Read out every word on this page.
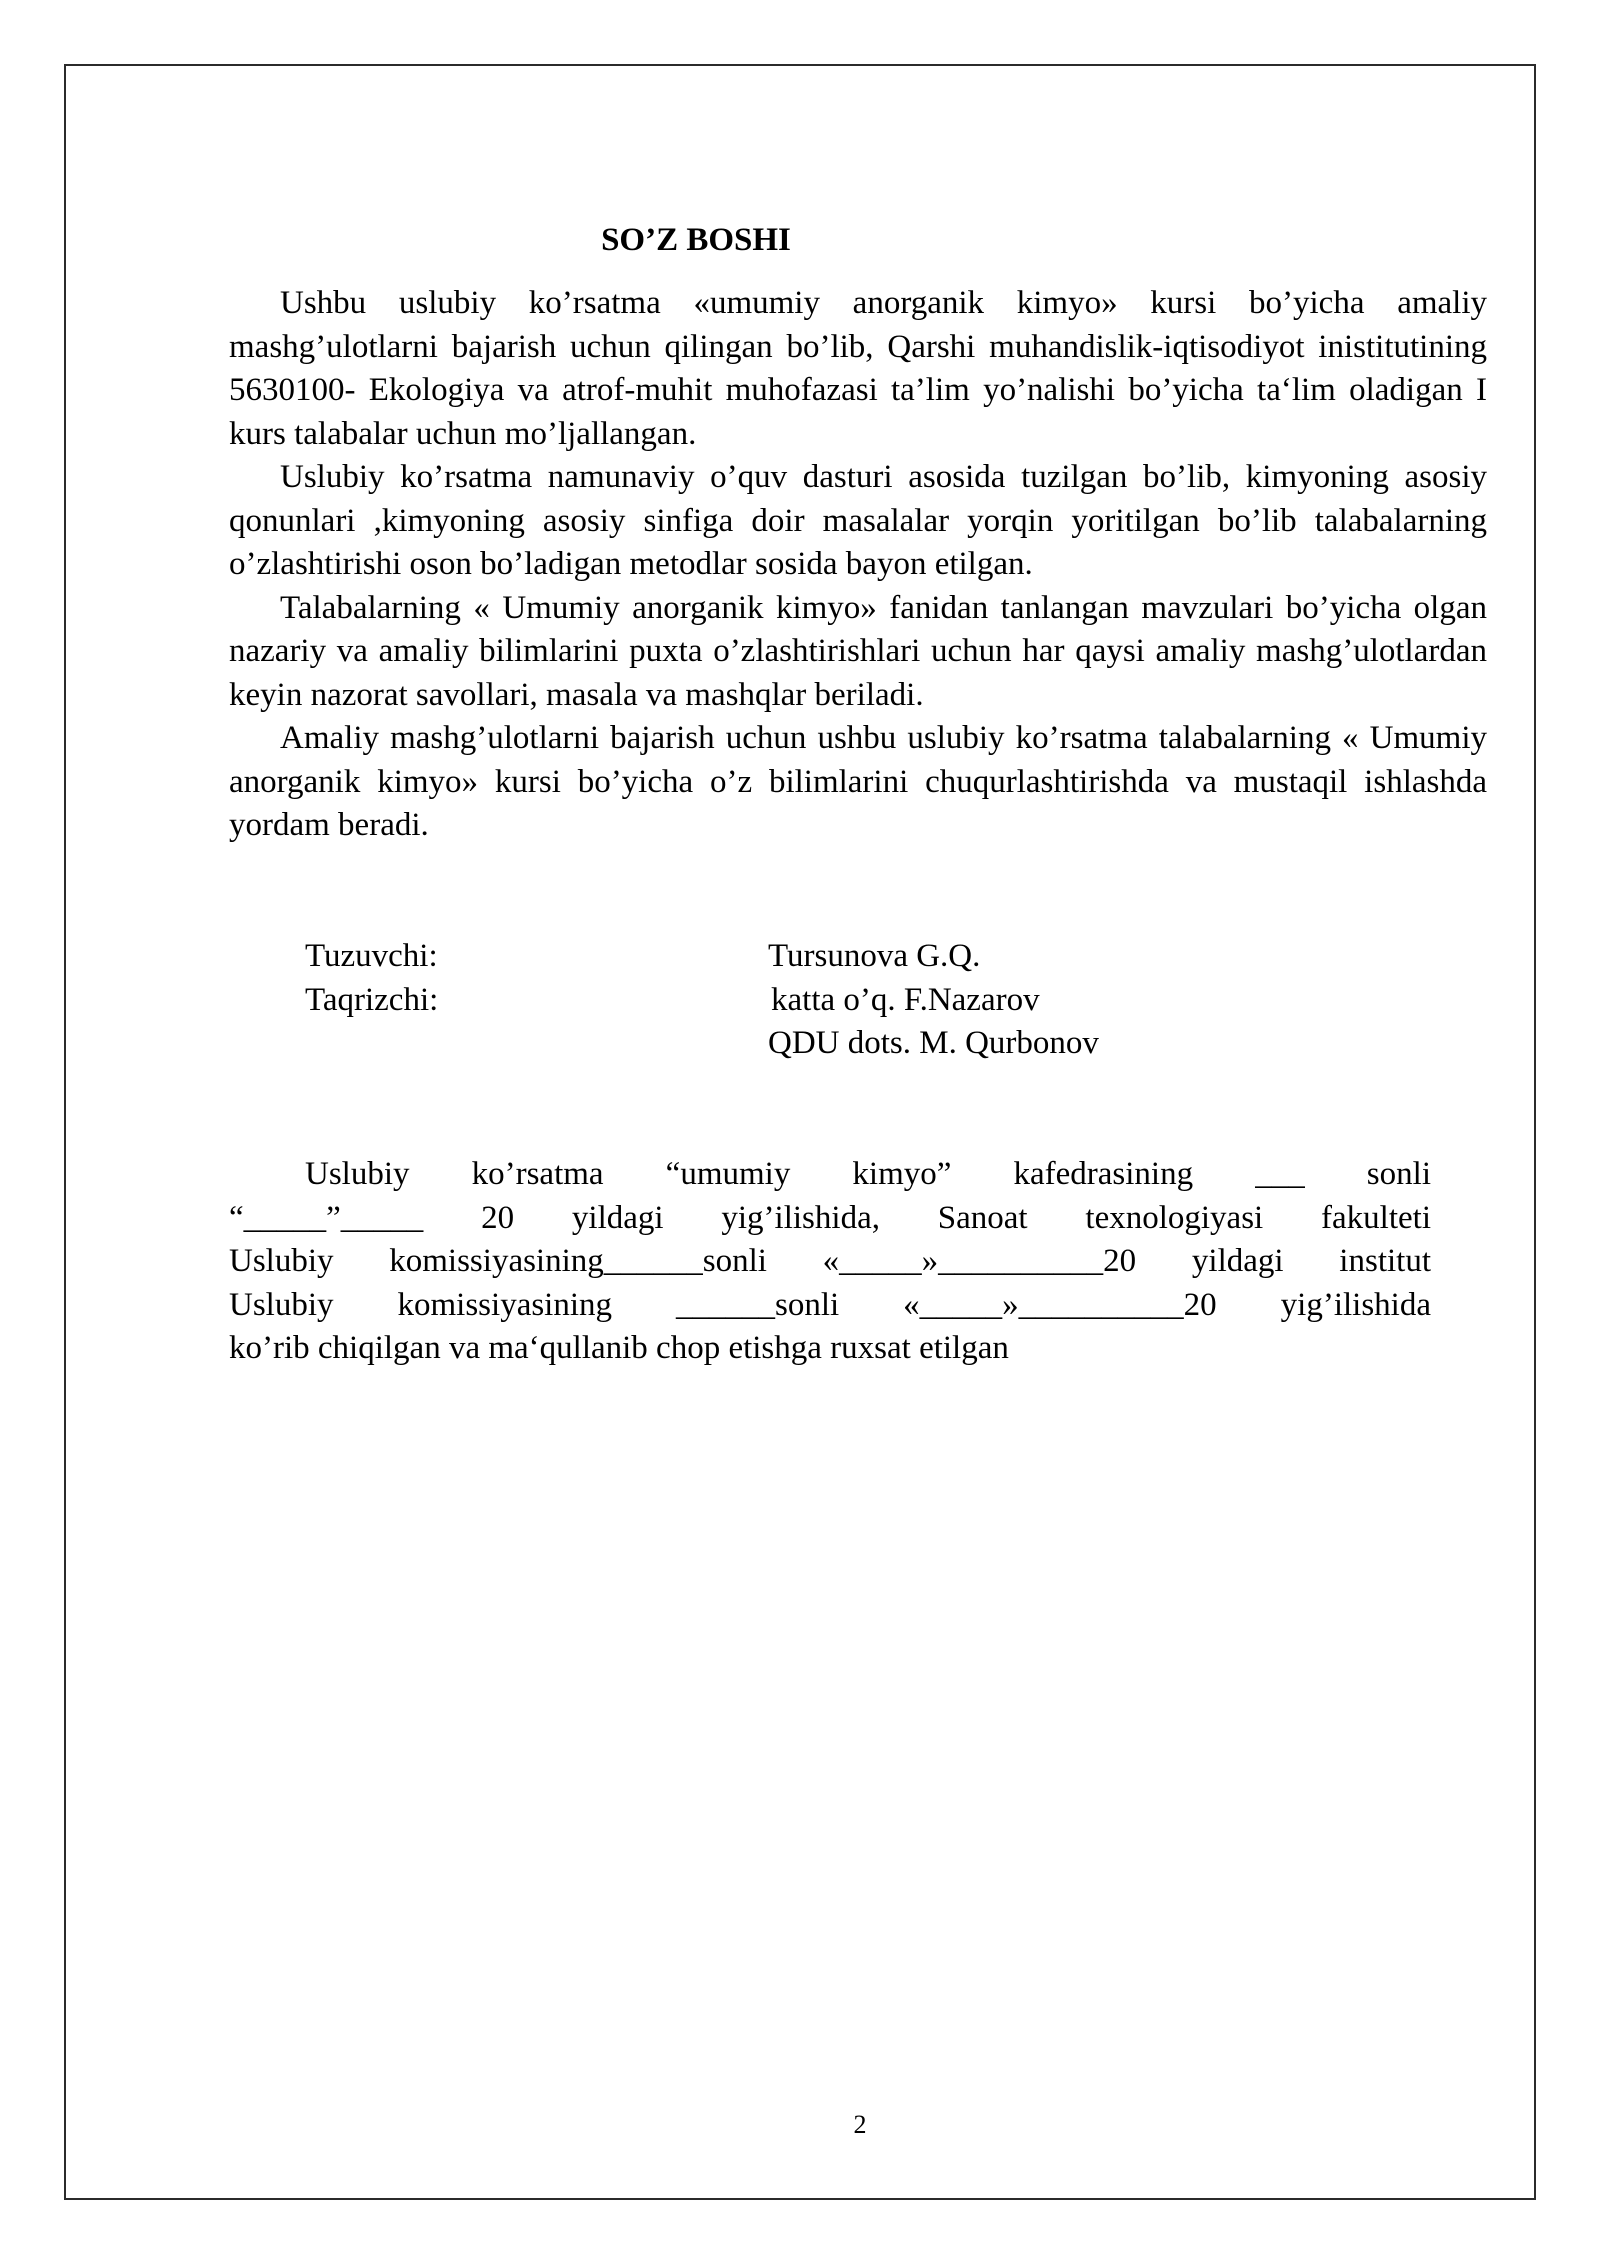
SO’Z BOSHI

Ushbu uslubiy ko’rsatma «umumiy anorganik kimyo» kursi bo’yicha amaliy mashg’ulotlarni bajarish uchun qilingan bo’lib, Qarshi muhandislik-iqtisodiyot inistitutining 5630100- Ekologiya va atrof-muhit muhofazasi ta’lim yo’nalishi bo’yicha ta‘lim oladigan I kurs talabalar uchun mo’ljallangan.

Uslubiy ko’rsatma namunaviy o’quv dasturi asosida tuzilgan bo’lib, kimyoning asosiy qonunlari ,kimyoning asosiy sinfiga doir masalalar yorqin yoritilgan bo’lib talabalarning o’zlashtirishi oson bo’ladigan metodlar sosida bayon etilgan.

Talabalarning « Umumiy anorganik kimyo» fanidan tanlangan mavzulari bo’yicha olgan nazariy va amaliy bilimlarini puxta o’zlashtirishlari uchun har qaysi amaliy mashg’ulotlardan keyin nazorat savollari, masala va mashqlar beriladi.

Amaliy mashg’ulotlarni bajarish uchun ushbu uslubiy ko’rsatma talabalarning « Umumiy anorganik kimyo» kursi bo’yicha o’z bilimlarini chuqurlashtirishda va mustaqil ishlashda yordam beradi.

Tuzuvchi:	Tursunova G.Q.
Taqrizchi:	katta o’q. F.Nazarov
QDU dots. M. Qurbonov
Uslubiy ko’rsatma “umumiy kimyo” kafedrasining ___ sonli
“_____”_____ 20 yildagi yig’ilishida, Sanoat texnologiyasi fakulteti
Uslubiy komissiyasining______sonli «_____»__________20 yildagi institut
Uslubiy komissiyasining ______sonli «_____»__________20 yig’ilishida
ko’rib chiqilgan va ma‘qullanib chop etishga ruxsat etilgan
2
